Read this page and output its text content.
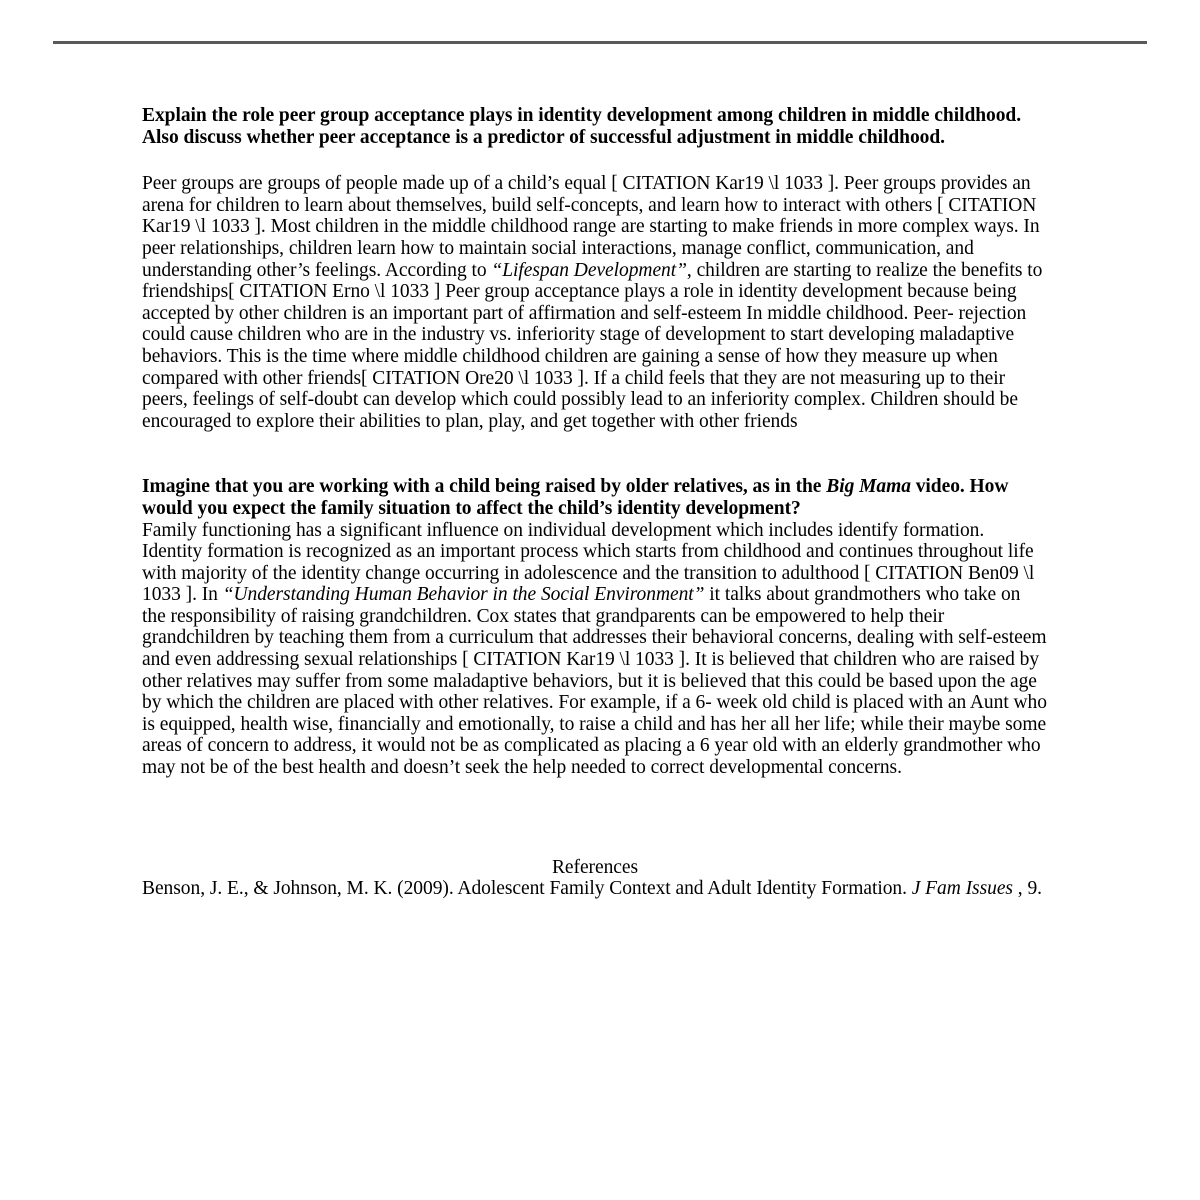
Explain the role peer group acceptance plays in identity development among children in middle childhood. Also discuss whether peer acceptance is a predictor of successful adjustment in middle childhood.

Peer groups are groups of people made up of a child’s equal [ CITATION Kar19 \l 1033 ]. Peer groups provides an arena for children to learn about themselves, build self-concepts, and learn how to interact with others [ CITATION Kar19 \l 1033 ]. Most children in the middle childhood range are starting to make friends in more complex ways. In peer relationships, children learn how to maintain social interactions, manage conflict, communication, and understanding other’s feelings. According to “Lifespan Development”, children are starting to realize the benefits to friendships[ CITATION Erno \l 1033 ] Peer group acceptance plays a role in identity development because being accepted by other children is an important part of affirmation and self-esteem In middle childhood. Peer- rejection could cause children who are in the industry vs. inferiority stage of development to start developing maladaptive behaviors. This is the time where middle childhood children are gaining a sense of how they measure up when compared with other friends[ CITATION Ore20 \l 1033 ]. If a child feels that they are not measuring up to their peers, feelings of self-doubt can develop which could possibly lead to an inferiority complex. Children should be encouraged to explore their abilities to plan, play, and get together with other friends

Imagine that you are working with a child being raised by older relatives, as in the Big Mama video. How would you expect the family situation to affect the child’s identity development?

Family functioning has a significant influence on individual development which includes identify formation. Identity formation is recognized as an important process which starts from childhood and continues throughout life with majority of the identity change occurring in adolescence and the transition to adulthood [ CITATION Ben09 \l 1033 ]. In “Understanding Human Behavior in the Social Environment” it talks about grandmothers who take on the responsibility of raising grandchildren. Cox states that grandparents can be empowered to help their grandchildren by teaching them from a curriculum that addresses their behavioral concerns, dealing with self-esteem and even addressing sexual relationships [ CITATION Kar19 \l 1033 ]. It is believed that children who are raised by other relatives may suffer from some maladaptive behaviors, but it is believed that this could be based upon the age by which the children are placed with other relatives. For example, if a 6- week old child is placed with an Aunt who is equipped, health wise, financially and emotionally, to raise a child and has her all her life; while their maybe some areas of concern to address, it would not be as complicated as placing a 6 year old with an elderly grandmother who may not be of the best health and doesn’t seek the help needed to correct developmental concerns.

References

Benson, J. E., & Johnson, M. K. (2009). Adolescent Family Context and Adult Identity Formation. J Fam Issues , 9.
